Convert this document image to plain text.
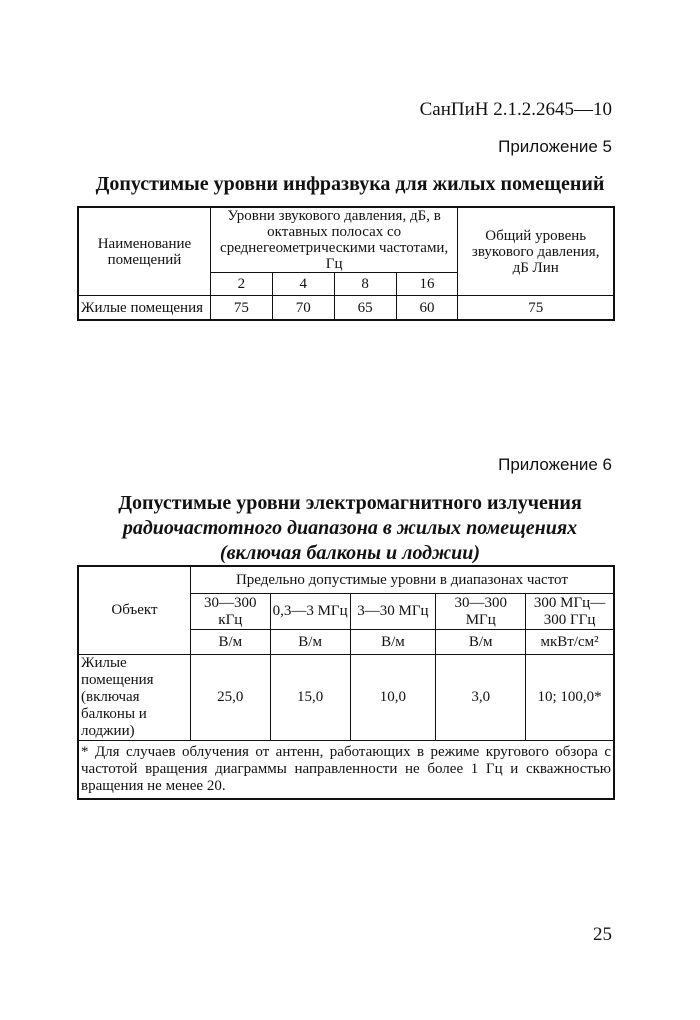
СанПиН 2.1.2.2645—10
Приложение 5
Допустимые уровни инфразвука для жилых помещений
Наименование помещений	Уровни звукового давления, дБ, в октавных полосах со среднегеометрическими частотами, Гц				Общий уровень звукового давления, дБ Лин
	2	4	8	16	
Жилые помещения	75	70	65	60	75
Приложение 6
Допустимые уровни электромагнитного излучения
радиочастотного диапазона в жилых помещениях
(включая балконы и лоджии)
Объект	Предельно допустимые уровни в диапазонах частот				
	30—300 кГц	0,3—3 МГц	3—30 МГц	30—300 МГц	300 МГц—300 ГГц
	В/м	В/м	В/м	В/м	мкВт/см²
Жилые помещения (включая балконы и лоджии)	25,0	15,0	10,0	3,0	10; 100,0*
* Для случаев облучения от антенн, работающих в режиме кругового обзора с частотой вращения диаграммы направленности не более 1 Гц и скважностью вращения не менее 20.					
25
